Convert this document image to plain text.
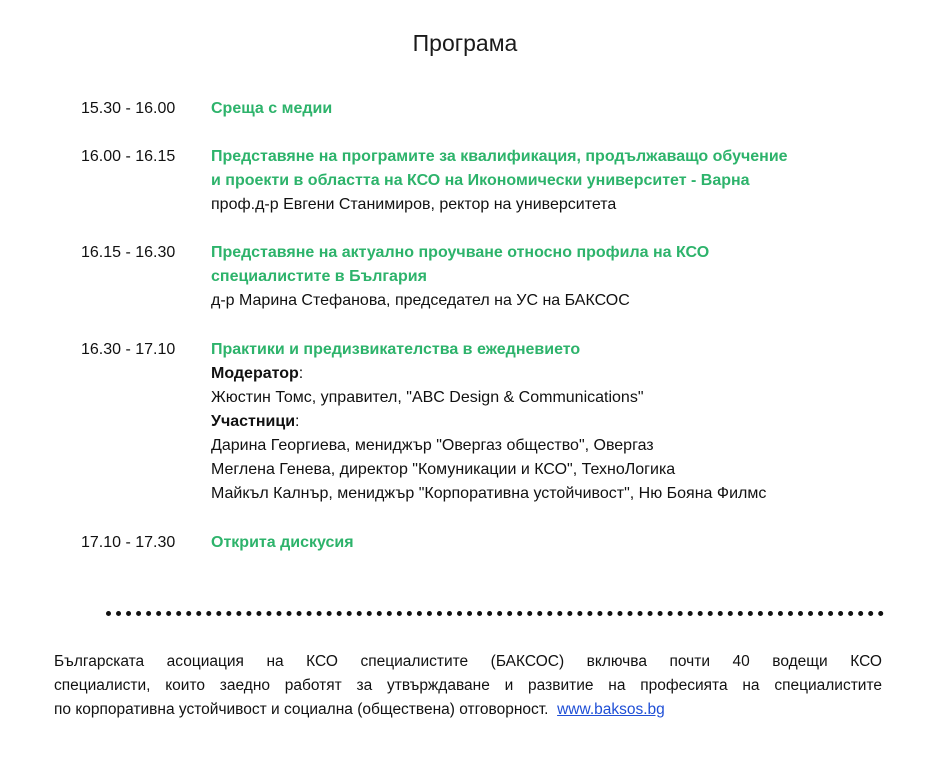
Програма
15.30 - 16.00	Среща с медии
16.00 - 16.15	Представяне на програмите за квалификация, продължаващо обучение
и проекти в областта на КСО на Икономически университет - Варна
проф.д-р Евгени Станимиров, ректор на университета
16.15 - 16.30	Представяне на актуално проучване относно профила на КСО
специалистите в България
д-р Марина Стефанова, председател на УС на БАКСОС
16.30 - 17.10	Практики и предизвикателства в ежедневието
Модератор:
Жюстин Томс, управител, "ABC Design & Communications"
Участници:
Дарина Георгиева, мениджър "Овергаз общество", Овергаз
Меглена Генева, директор "Комуникации и КСО", ТехноЛогика
Майкъл Калнър, мениджър "Корпоративна устойчивост", Ню Бояна Филмс
17.10 - 17.30	Открита дискусия
Българската асоциация на КСО специалистите (БАКСОС) включва почти 40 водещи КСО
специалисти, които заедно работят за утвърждаване и развитие на професията на специалистите
по корпоративна устойчивост и социална (обществена) отговорност. www.baksos.bg
